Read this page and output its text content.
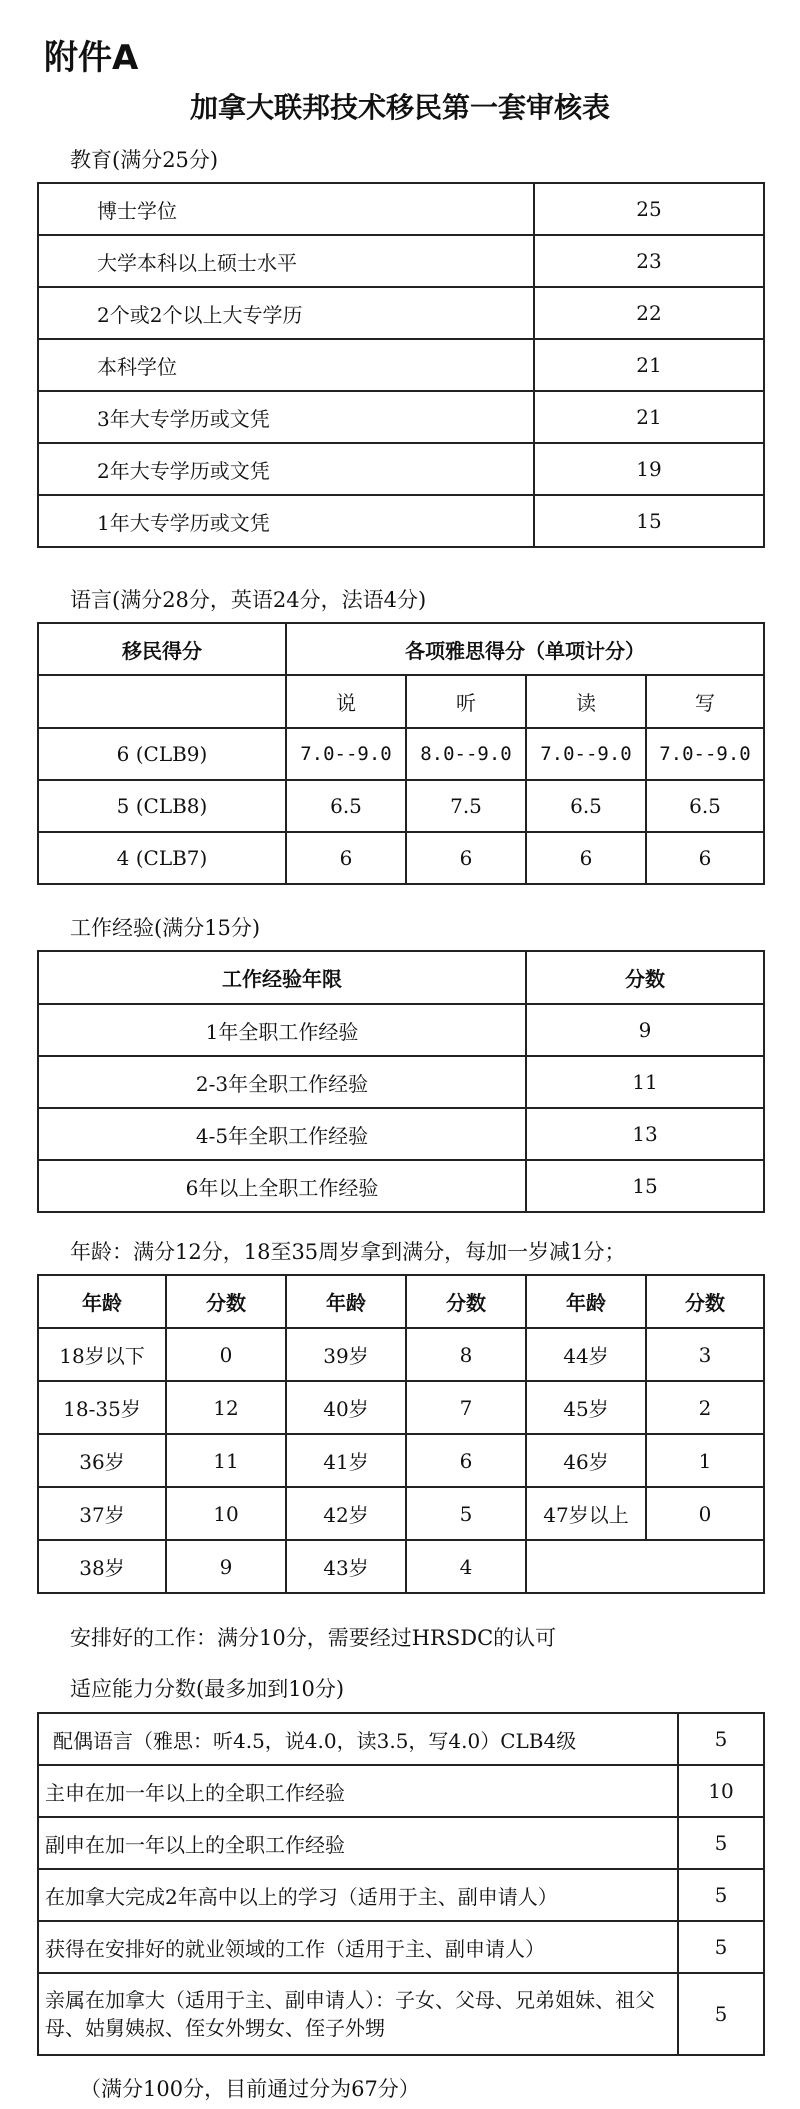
附件A
加拿大联邦技术移民第一套审核表
教育(满分25分)
博士学位	25
大学本科以上硕士水平	23
2个或2个以上大专学历	22
本科学位	21
3年大专学历或文凭	21
2年大专学历或文凭	19
1年大专学历或文凭	15
语言(满分28分，英语24分，法语4分)
移民得分	各项雅思得分（单项计分）			
	说	听	读	写
6 (CLB9)	7.0--9.0	8.0--9.0	7.0--9.0	7.0--9.0
5 (CLB8)	6.5	7.5	6.5	6.5
4 (CLB7)	6	6	6	6
工作经验(满分15分)
工作经验年限	分数
1年全职工作经验	9
2-3年全职工作经验	11
4-5年全职工作经验	13
6年以上全职工作经验	15
年龄：满分12分，18至35周岁拿到满分，每加一岁减1分；
年龄	分数	年龄	分数	年龄	分数
18岁以下	0	39岁	8	44岁	3
18-35岁	12	40岁	7	45岁	2
36岁	11	41岁	6	46岁	1
37岁	10	42岁	5	47岁以上	0
38岁	9	43岁	4		
安排好的工作：满分10分，需要经过HRSDC的认可
适应能力分数(最多加到10分)
配偶语言（雅思：听4.5，说4.0，读3.5，写4.0）CLB4级	5
主申在加一年以上的全职工作经验	10
副申在加一年以上的全职工作经验	5
在加拿大完成2年高中以上的学习（适用于主、副申请人）	5
获得在安排好的就业领域的工作（适用于主、副申请人）	5
亲属在加拿大（适用于主、副申请人）：子女、父母、兄弟姐妹、祖父母、姑舅姨叔、侄女外甥女、侄子外甥	5
（满分100分，目前通过分为67分）
